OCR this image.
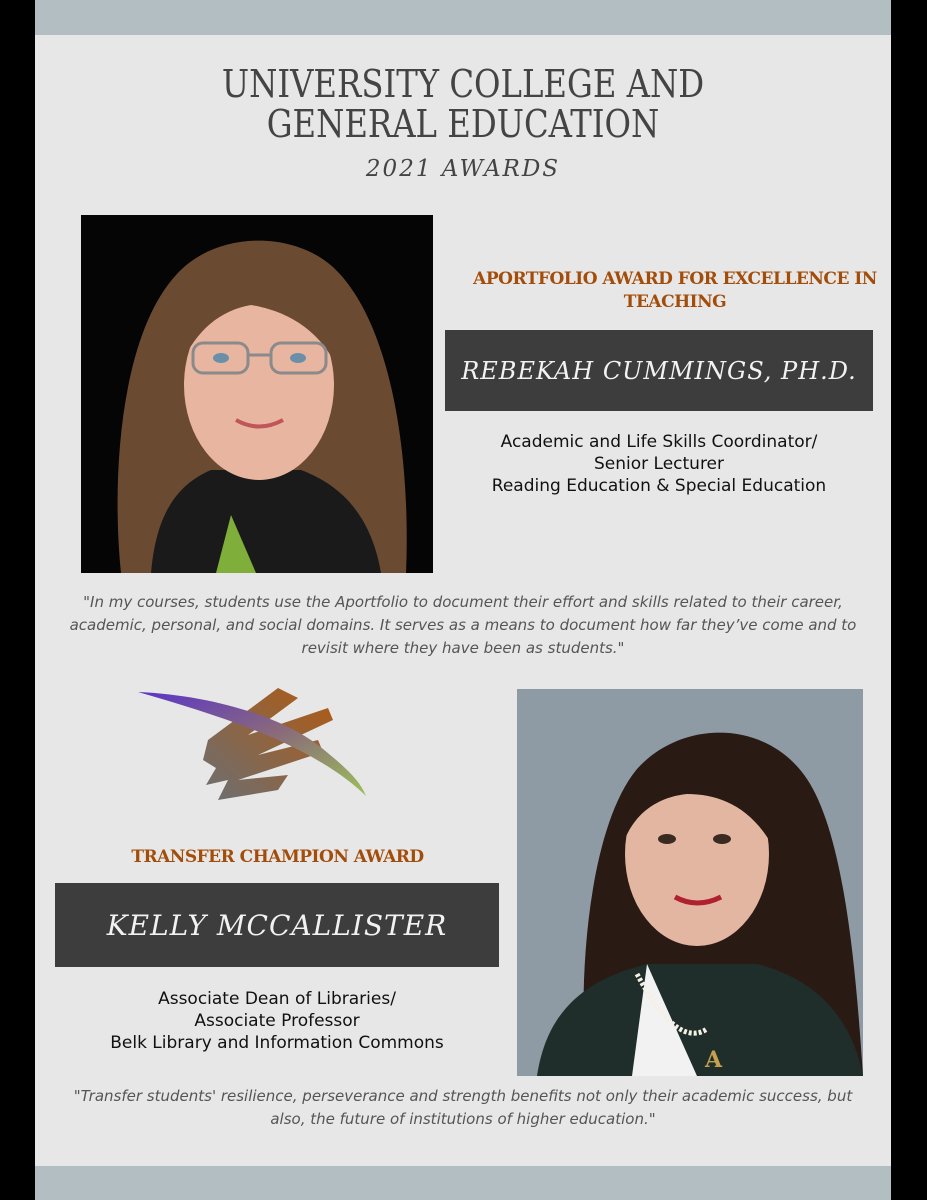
UNIVERSITY COLLEGE AND
GENERAL EDUCATION
2021 AWARDS
APORTFOLIO AWARD FOR EXCELLENCE IN TEACHING
REBEKAH CUMMINGS, PH.D.
Academic and Life Skills Coordinator/
Senior Lecturer
Reading Education & Special Education
"In my courses, students use the Aportfolio to document their effort and skills related to their career, academic, personal, and social domains. It serves as a means to document how far they’ve come and to revisit where they have been as students."
TRANSFER CHAMPION AWARD
KELLY MCCALLISTER
Associate Dean of Libraries/
Associate Professor
Belk Library and Information Commons
A
"Transfer students' resilience, perseverance and strength benefits not only their academic success, but also, the future of institutions of higher education."
